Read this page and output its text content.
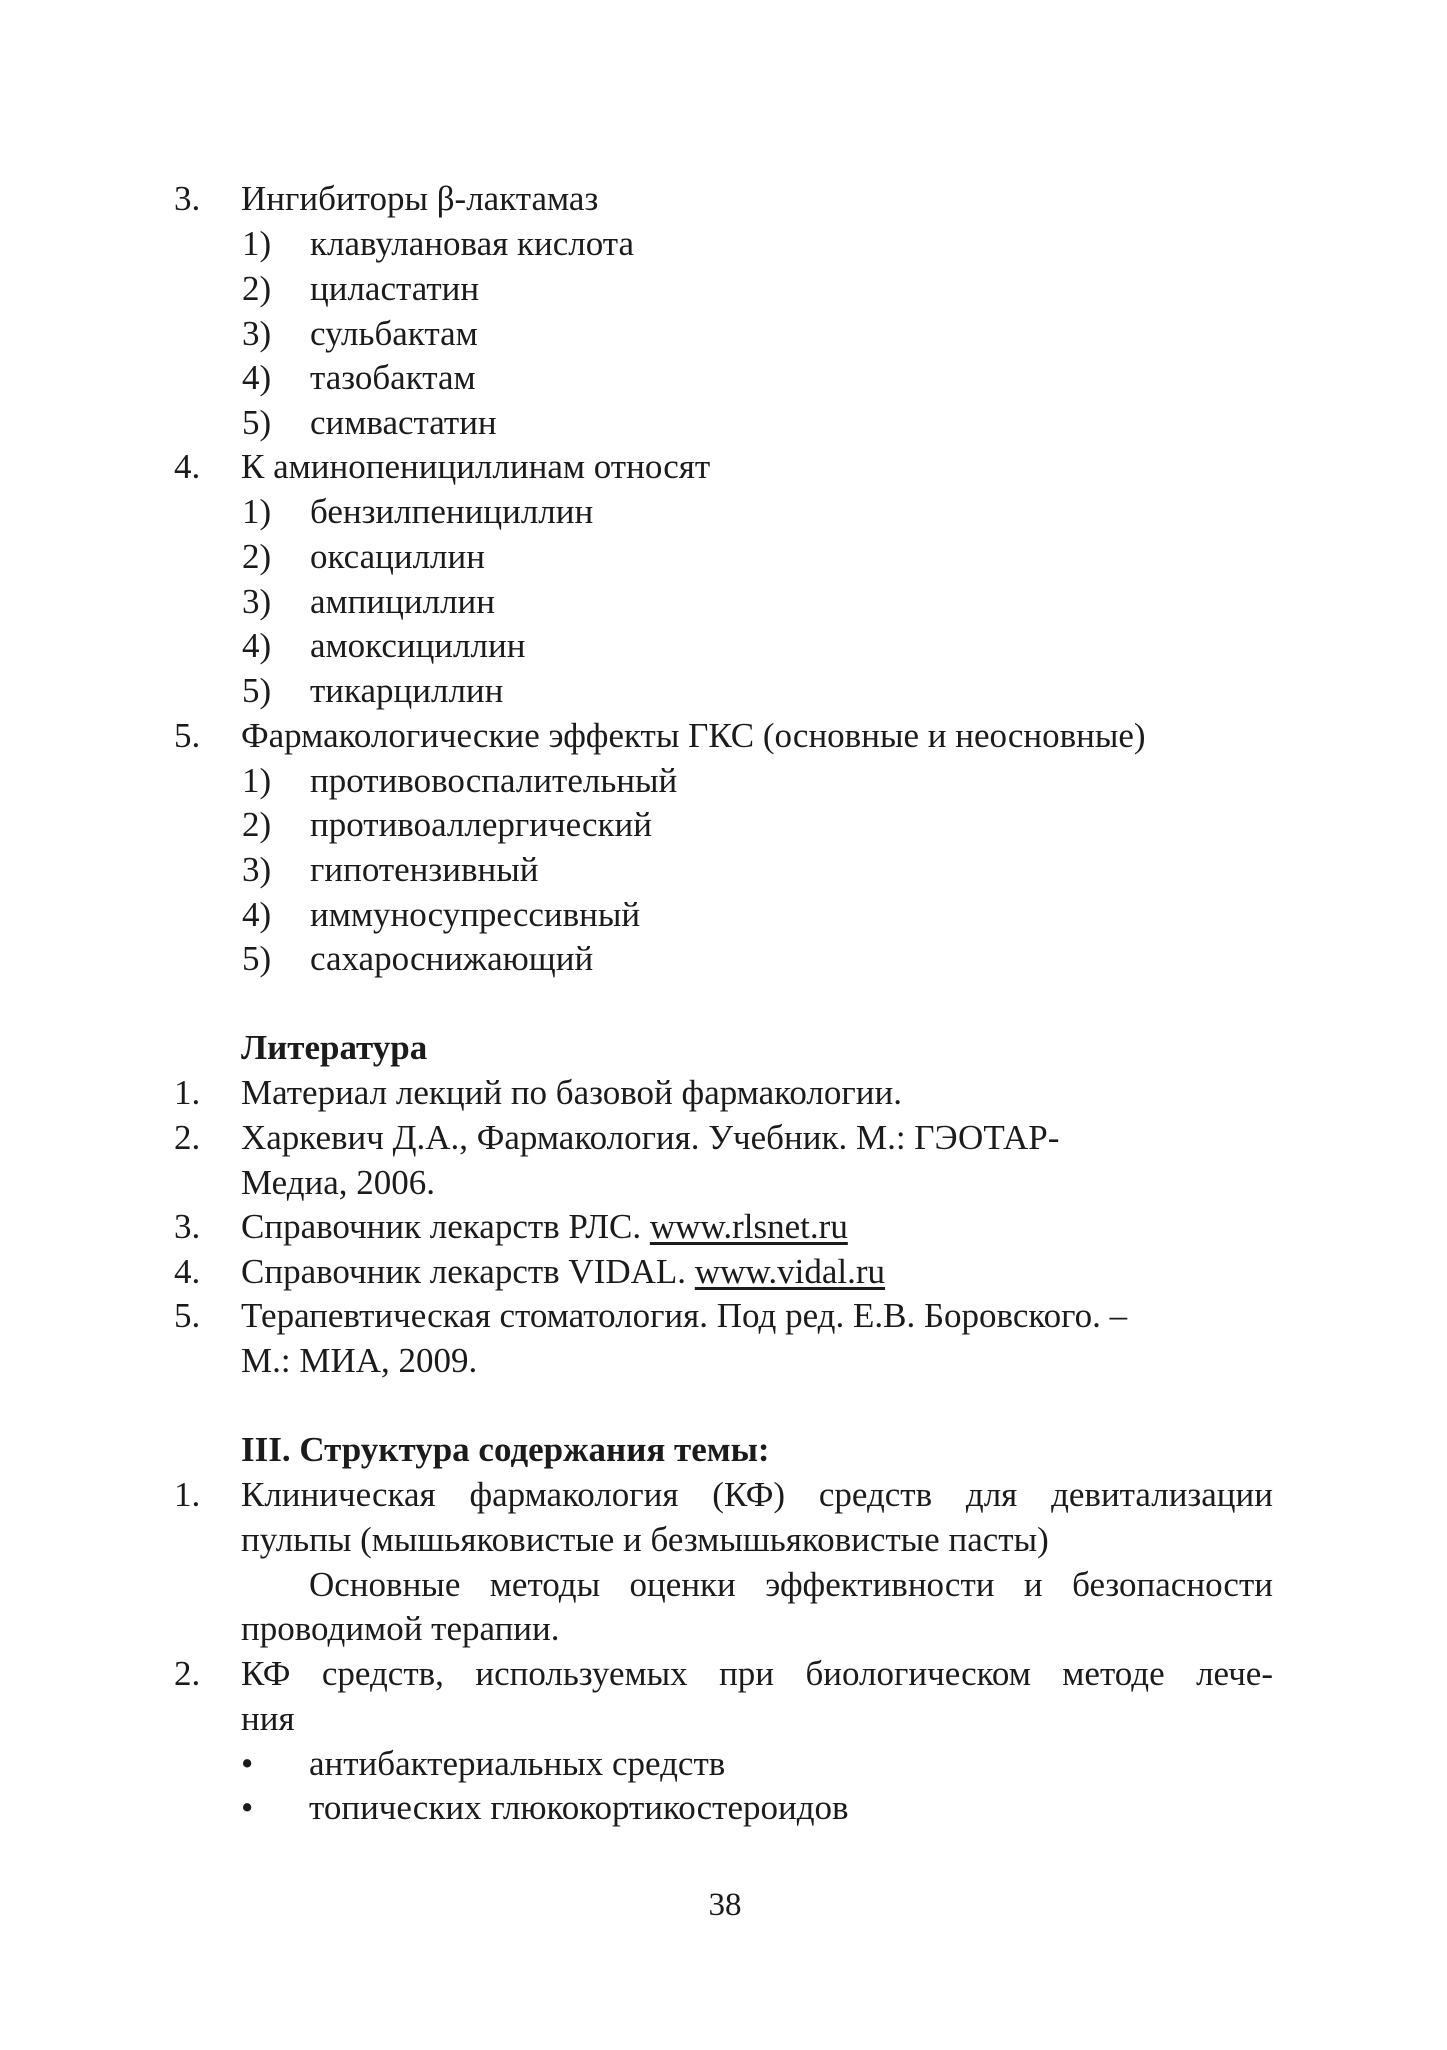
3. Ингибиторы β-лактамаз
1) клавулановая кислота
2) циластатин
3) сульбактам
4) тазобактам
5) симвастатин
4. К аминопенициллинам относят
1) бензилпенициллин
2) оксациллин
3) ампициллин
4) амоксициллин
5) тикарциллин
5. Фармакологические эффекты ГКС (основные и неосновные)
1) противовоспалительный
2) противоаллергический
3) гипотензивный
4) иммуносупрессивный
5) сахароснижающий
Литература
1. Материал лекций по базовой фармакологии.
2. Харкевич Д.А., Фармакология. Учебник. М.: ГЭОТАР-
Медиа, 2006.
3. Справочник лекарств РЛС. www.rlsnet.ru
4. Справочник лекарств VIDAL. www.vidal.ru
5. Терапевтическая стоматология. Под ред. Е.В. Боровского. –
М.: МИА, 2009.
III. Структура содержания темы:
1. Клиническая фармакология (КФ) средств для девитализации
пульпы (мышьяковистые и безмышьяковистые пасты)
Основные методы оценки эффективности и безопасности
проводимой терапии.
2. КФ средств, используемых при биологическом методе лече-
ния
• антибактериальных средств
• топических глюкокортикостероидов
38
